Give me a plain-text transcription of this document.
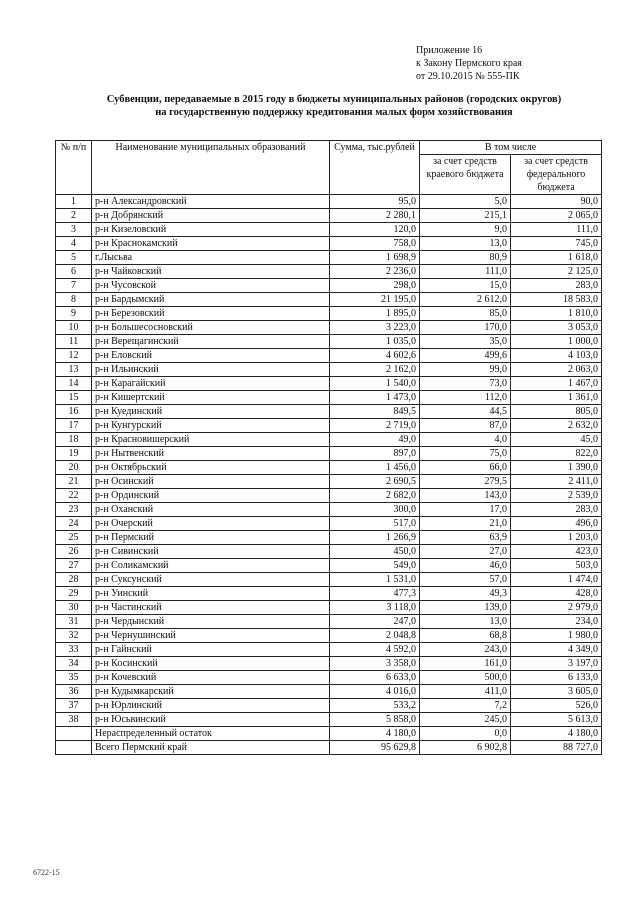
Приложение 16
к Закону Пермского края
от 29.10.2015 № 555-ПК
Субвенции, передаваемые в 2015 году в бюджеты муниципальных районов (городских округов)
на государственную поддержку кредитования малых форм хозяйствования
№ п/п	Наименование муниципальных образований	Сумма, тыс.рублей	В том числе	
			за счет средств краевого бюджета	за счет средств федерального бюджета
1	р-н Александровский	95,0	5,0	90,0
2	р-н Добрянский	2 280,1	215,1	2 065,0
3	р-н Кизеловский	120,0	9,0	111,0
4	р-н Краснокамский	758,0	13,0	745,0
5	г.Лысьва	1 698,9	80,9	1 618,0
6	р-н Чайковский	2 236,0	111,0	2 125,0
7	р-н Чусовской	298,0	15,0	283,0
8	р-н Бардымский	21 195,0	2 612,0	18 583,0
9	р-н Березовский	1 895,0	85,0	1 810,0
10	р-н Большесосновский	3 223,0	170,0	3 053,0
11	р-н Верещагинский	1 035,0	35,0	1 000,0
12	р-н Еловский	4 602,6	499,6	4 103,0
13	р-н Ильинский	2 162,0	99,0	2 063,0
14	р-н Карагайский	1 540,0	73,0	1 467,0
15	р-н Кишертский	1 473,0	112,0	1 361,0
16	р-н Куединский	849,5	44,5	805,0
17	р-н Кунгурский	2 719,0	87,0	2 632,0
18	р-н Красновишерский	49,0	4,0	45,0
19	р-н Нытвенский	897,0	75,0	822,0
20	р-н Октябрьский	1 456,0	66,0	1 390,0
21	р-н Осинский	2 690,5	279,5	2 411,0
22	р-н Ординский	2 682,0	143,0	2 539,0
23	р-н Оханский	300,0	17,0	283,0
24	р-н Очерский	517,0	21,0	496,0
25	р-н Пермский	1 266,9	63,9	1 203,0
26	р-н Сивинский	450,0	27,0	423,0
27	р-н Соликамский	549,0	46,0	503,0
28	р-н Суксунский	1 531,0	57,0	1 474,0
29	р-н Уинский	477,3	49,3	428,0
30	р-н Частинский	3 118,0	139,0	2 979,0
31	р-н Чердынский	247,0	13,0	234,0
32	р-н Чернушинский	2 048,8	68,8	1 980,0
33	р-н Гайнский	4 592,0	243,0	4 349,0
34	р-н Косинский	3 358,0	161,0	3 197,0
35	р-н Кочевский	6 633,0	500,0	6 133,0
36	р-н Кудымкарский	4 016,0	411,0	3 605,0
37	р-н Юрлинский	533,2	7,2	526,0
38	р-н Юсьвинский	5 858,0	245,0	5 613,0
	Нераспределенный остаток	4 180,0	0,0	4 180,0
	Всего Пермский край	95 629,8	6 902,8	88 727,0
6722-15
